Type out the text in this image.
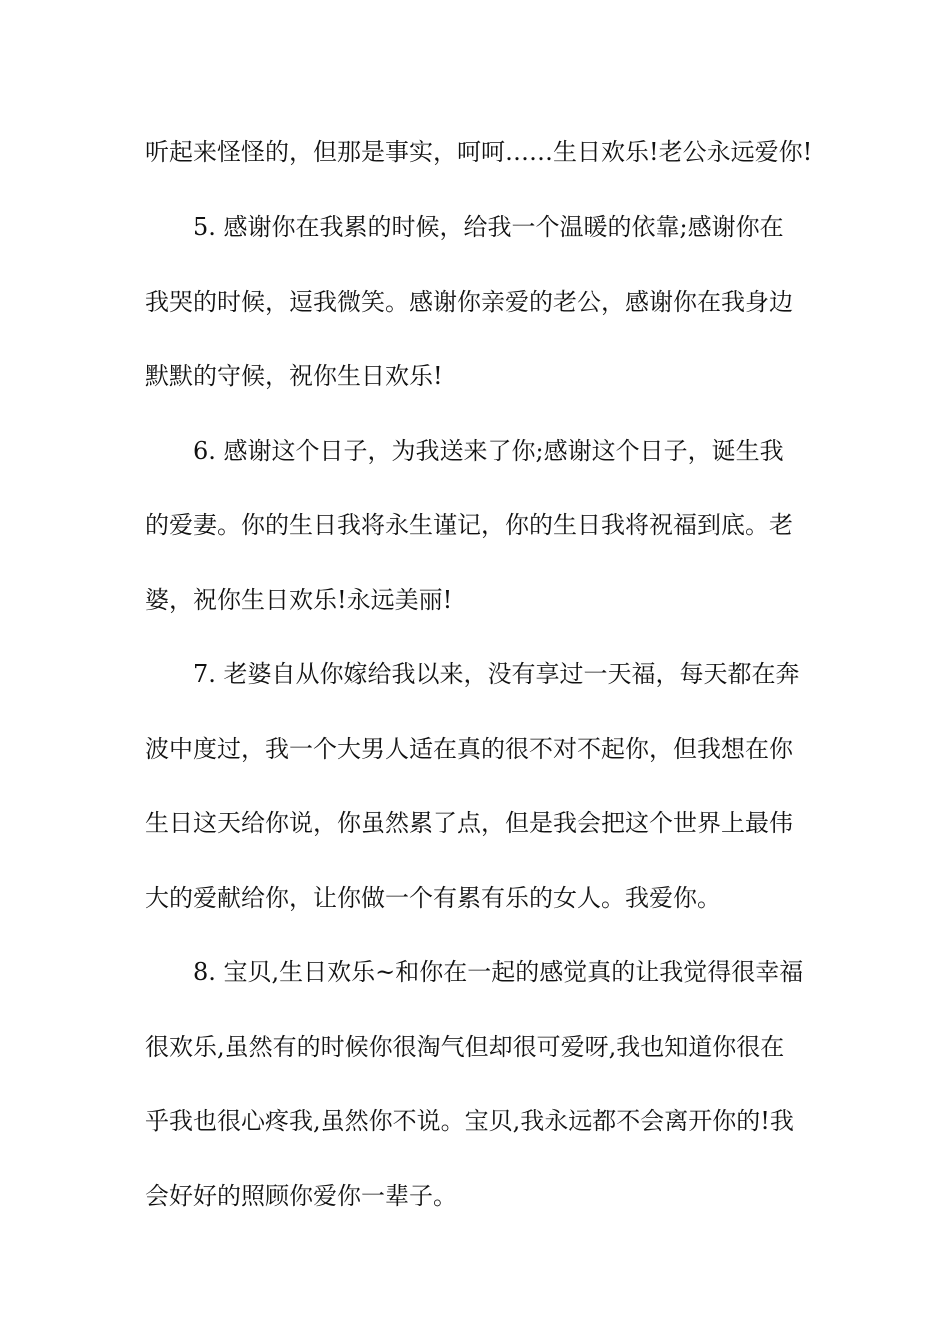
听起来怪怪的，但那是事实，呵呵……生日欢乐!老公永远爱你!
5. 感谢你在我累的时候，给我一个温暖的依靠;感谢你在
我哭的时候，逗我微笑。感谢你亲爱的老公，感谢你在我身边
默默的守候，祝你生日欢乐!
6. 感谢这个日子，为我送来了你;感谢这个日子，诞生我
的爱妻。你的生日我将永生谨记，你的生日我将祝福到底。老
婆，祝你生日欢乐!永远美丽!
7. 老婆自从你嫁给我以来，没有享过一天福，每天都在奔
波中度过，我一个大男人适在真的很不对不起你，但我想在你
生日这天给你说，你虽然累了点，但是我会把这个世界上最伟
大的爱献给你，让你做一个有累有乐的女人。我爱你。
8. 宝贝,生日欢乐~和你在一起的感觉真的让我觉得很幸福
很欢乐,虽然有的时候你很淘气但却很可爱呀,我也知道你很在
乎我也很心疼我,虽然你不说。宝贝,我永远都不会离开你的!我
会好好的照顾你爱你一辈子。
